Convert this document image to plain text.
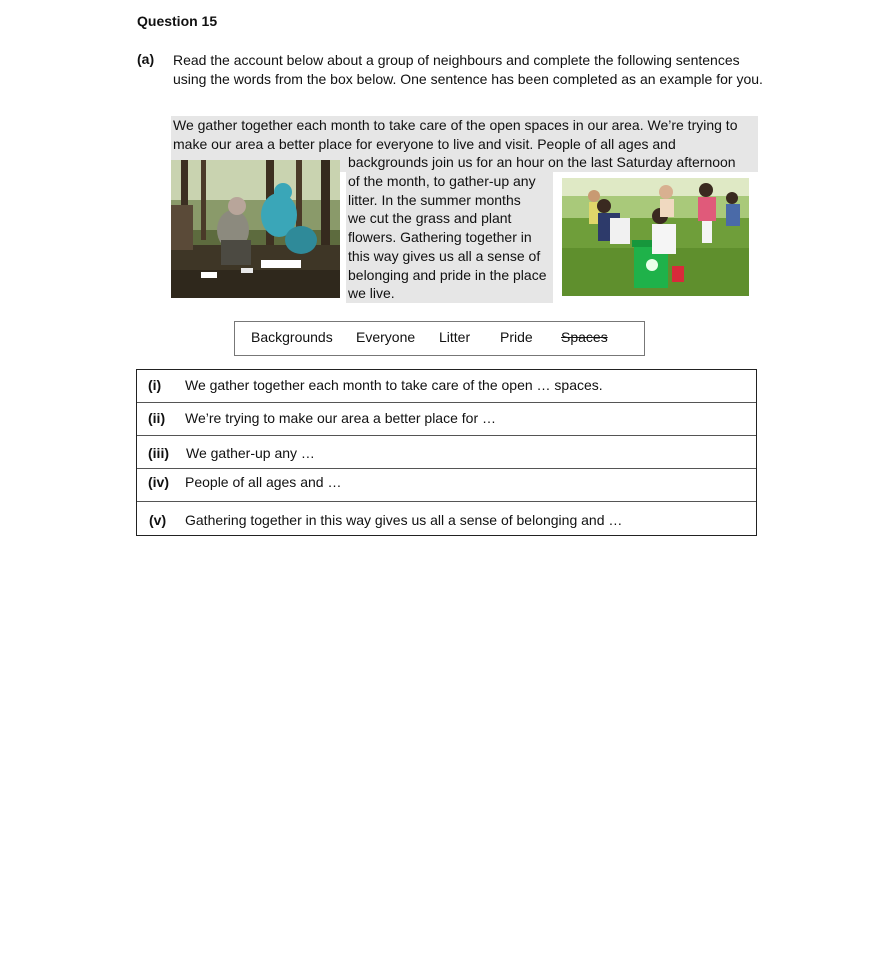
Question 15
(a) Read the account below about a group of neighbours and complete the following sentences using the words from the box below. One sentence has been completed as an example for you.
We gather together each month to take care of the open spaces in our area. We’re trying to
make our area a better place for everyone to live and visit. People of all ages and
backgrounds join us for an hour on the last Saturday afternoon
of the month, to gather-up any
litter. In the summer months
we cut the grass and plant
flowers. Gathering together in
this way gives us all a sense of
belonging and pride in the place
we live.
Backgrounds Everyone Litter Pride Spaces
(i) We gather together each month to take care of the open … spaces.
(ii) We’re trying to make our area a better place for …
(iii) We gather-up any …
(iv) People of all ages and …
(v) Gathering together in this way gives us all a sense of belonging and …
